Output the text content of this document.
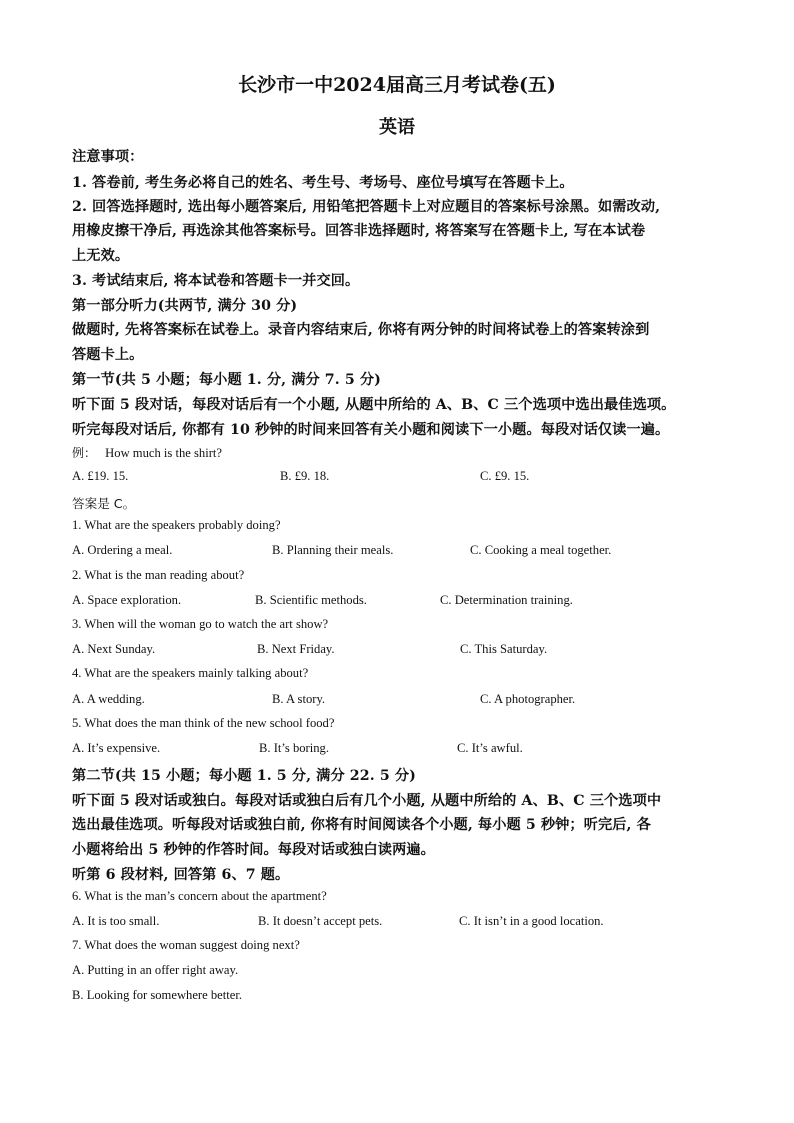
长沙市一中2024届高三月考试卷(五)
英语
注意事项：
1. 答卷前, 考生务必将自己的姓名、考生号、考场号、座位号填写在答题卡上。
2. 回答选择题时, 选出每小题答案后, 用铅笔把答题卡上对应题目的答案标号涂黑。如需改动,
用橡皮擦干净后, 再选涂其他答案标号。回答非选择题时, 将答案写在答题卡上, 写在本试卷
上无效。
3. 考试结束后, 将本试卷和答题卡一并交回。
第一部分听力(共两节, 满分 30 分)
做题时, 先将答案标在试卷上。录音内容结束后, 你将有两分钟的时间将试卷上的答案转涂到
答题卡上。
第一节(共 5 小题；每小题 1. 分, 满分 7. 5 分)
听下面 5 段对话，每段对话后有一个小题, 从题中所给的 A、B、C 三个选项中选出最佳选项。
听完每段对话后, 你都有 10 秒钟的时间来回答有关小题和阅读下一小题。每段对话仅读一遍。
例： How much is the shirt?
A. £19. 15.	B. £9. 18.	C. £9. 15.
答案是 C。
1. What are the speakers probably doing?
A. Ordering a meal.	B. Planning their meals.	C. Cooking a meal together.
2. What is the man reading about?
A. Space exploration.	B. Scientific methods.	C. Determination training.
3. When will the woman go to watch the art show?
A. Next Sunday.	B. Next Friday.	C. This Saturday.
4. What are the speakers mainly talking about?
A. A wedding.	B. A story.	C. A photographer.
5. What does the man think of the new school food?
A. It’s expensive.	B. It’s boring.	C. It’s awful.
第二节(共 15 小题；每小题 1. 5 分, 满分 22. 5 分)
听下面 5 段对话或独白。每段对话或独白后有几个小题, 从题中所给的 A、B、C 三个选项中
选出最佳选项。听每段对话或独白前, 你将有时间阅读各个小题, 每小题 5 秒钟；听完后, 各
小题将给出 5 秒钟的作答时间。每段对话或独白读两遍。
听第 6 段材料, 回答第 6、7 题。
6. What is the man’s concern about the apartment?
A. It is too small.	B. It doesn’t accept pets.	C. It isn’t in a good location.
7. What does the woman suggest doing next?
A. Putting in an offer right away.
B. Looking for somewhere better.
